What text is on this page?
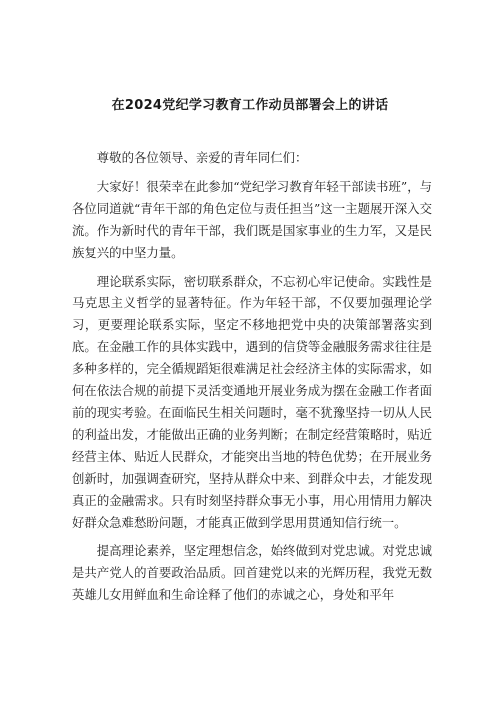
在2024党纪学习教育工作动员部署会上的讲话

尊敬的各位领导、亲爱的青年同仁们：

大家好！很荣幸在此参加“党纪学习教育年轻干部读书班”，与各位同道就“青年干部的角色定位与责任担当”这一主题展开深入交流。作为新时代的青年干部，我们既是国家事业的生力军，又是民族复兴的中坚力量。

理论联系实际，密切联系群众，不忘初心牢记使命。实践性是马克思主义哲学的显著特征。作为年轻干部，不仅要加强理论学习，更要理论联系实际，坚定不移地把党中央的决策部署落实到底。在金融工作的具体实践中，遇到的信贷等金融服务需求往往是多种多样的，完全循规蹈矩很难满足社会经济主体的实际需求，如何在依法合规的前提下灵活变通地开展业务成为摆在金融工作者面前的现实考验。在面临民生相关问题时，毫不犹豫坚持一切从人民的利益出发，才能做出正确的业务判断；在制定经营策略时，贴近经营主体、贴近人民群众，才能突出当地的特色优势；在开展业务创新时，加强调查研究，坚持从群众中来、到群众中去，才能发现真正的金融需求。只有时刻坚持群众事无小事，用心用情用力解决好群众急难愁盼问题，才能真正做到学思用贯通知信行统一。

提高理论素养，坚定理想信念，始终做到对党忠诚。对党忠诚是共产党人的首要政治品质。回首建党以来的光辉历程，我党无数英雄儿女用鲜血和生命诠释了他们的赤诚之心，身处和平年
